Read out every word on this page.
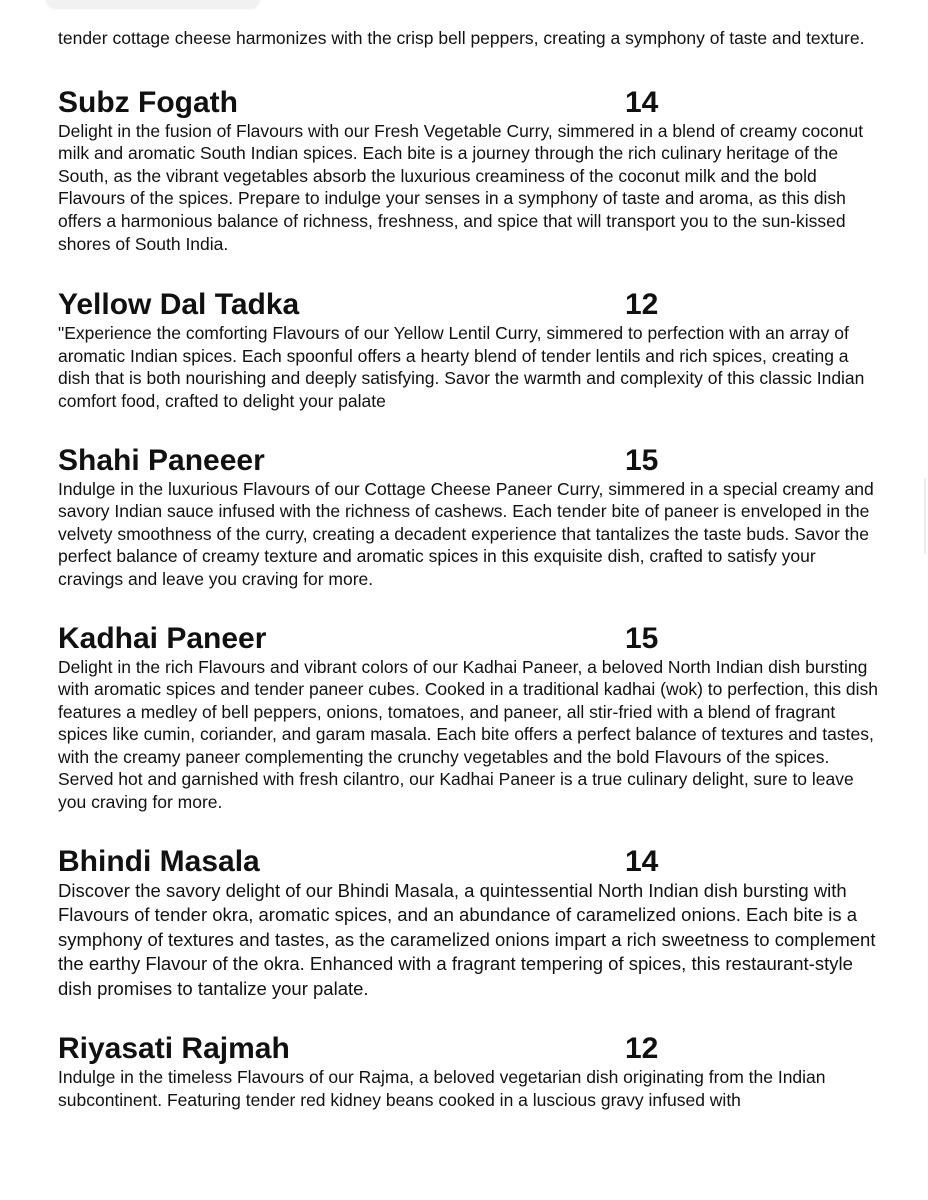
tender cottage cheese harmonizes with the crisp bell peppers, creating a symphony of taste and texture.

Subz Fogath	14

Delight in the fusion of Flavours with our Fresh Vegetable Curry, simmered in a blend of creamy coconut milk and aromatic South Indian spices. Each bite is a journey through the rich culinary heritage of the South, as the vibrant vegetables absorb the luxurious creaminess of the coconut milk and the bold Flavours of the spices. Prepare to indulge your senses in a symphony of taste and aroma, as this dish offers a harmonious balance of richness, freshness, and spice that will transport you to the sun-kissed shores of South India.

Yellow Dal Tadka	12

"Experience the comforting Flavours of our Yellow Lentil Curry, simmered to perfection with an array of aromatic Indian spices. Each spoonful offers a hearty blend of tender lentils and rich spices, creating a dish that is both nourishing and deeply satisfying. Savor the warmth and complexity of this classic Indian comfort food, crafted to delight your palate

Shahi Paneeer	15

Indulge in the luxurious Flavours of our Cottage Cheese Paneer Curry, simmered in a special creamy and savory Indian sauce infused with the richness of cashews. Each tender bite of paneer is enveloped in the velvety smoothness of the curry, creating a decadent experience that tantalizes the taste buds. Savor the perfect balance of creamy texture and aromatic spices in this exquisite dish, crafted to satisfy your cravings and leave you craving for more.

Kadhai Paneer	15

Delight in the rich Flavours and vibrant colors of our Kadhai Paneer, a beloved North Indian dish bursting with aromatic spices and tender paneer cubes. Cooked in a traditional kadhai (wok) to perfection, this dish features a medley of bell peppers, onions, tomatoes, and paneer, all stir-fried with a blend of fragrant spices like cumin, coriander, and garam masala. Each bite offers a perfect balance of textures and tastes, with the creamy paneer complementing the crunchy vegetables and the bold Flavours of the spices. Served hot and garnished with fresh cilantro, our Kadhai Paneer is a true culinary delight, sure to leave you craving for more.

Bhindi Masala	14

Discover the savory delight of our Bhindi Masala, a quintessential North Indian dish bursting with Flavours of tender okra, aromatic spices, and an abundance of caramelized onions. Each bite is a symphony of textures and tastes, as the caramelized onions impart a rich sweetness to complement the earthy Flavour of the okra. Enhanced with a fragrant tempering of spices, this restaurant-style dish promises to tantalize your palate.

Riyasati Rajmah	12

Indulge in the timeless Flavours of our Rajma, a beloved vegetarian dish originating from the Indian subcontinent. Featuring tender red kidney beans cooked in a luscious gravy infused with
